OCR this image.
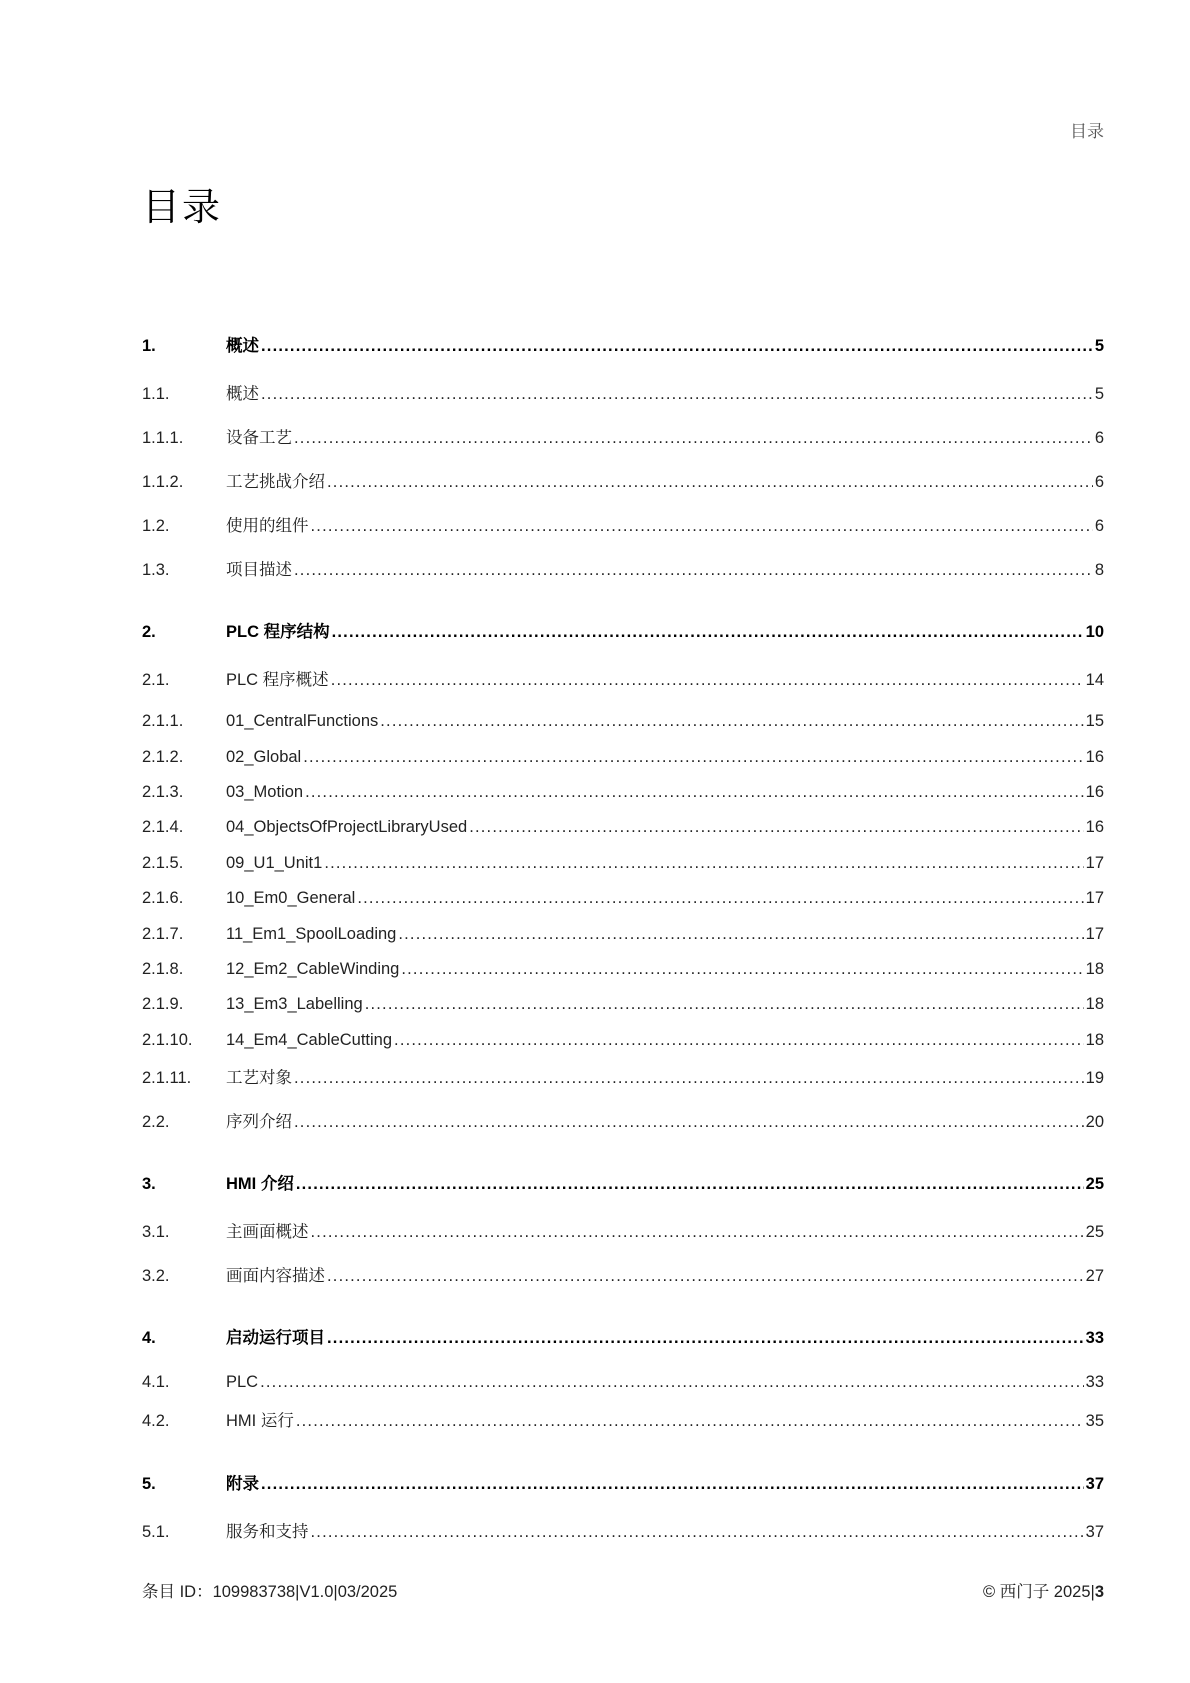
目录
目录
1.	概述 .....	5
1.1.	概述 .....	5
1.1.1.	设备工艺 .....	6
1.1.2.	工艺挑战介绍 .....	6
1.2.	使用的组件 .....	6
1.3.	项目描述 .....	8
2.	PLC 程序结构 .....	10
2.1.	PLC 程序概述 .....	14
2.1.1.	01_CentralFunctions .....	15
2.1.2.	02_Global .....	16
2.1.3.	03_Motion .....	16
2.1.4.	04_ObjectsOfProjectLibraryUsed .....	16
2.1.5.	09_U1_Unit1 .....	17
2.1.6.	10_Em0_General .....	17
2.1.7.	11_Em1_SpoolLoading .....	17
2.1.8.	12_Em2_CableWinding .....	18
2.1.9.	13_Em3_Labelling .....	18
2.1.10.	14_Em4_CableCutting .....	18
2.1.11.	工艺对象 .....	19
2.2.	序列介绍 .....	20
3.	HMI 介绍 .....	25
3.1.	主画面概述 .....	25
3.2.	画面内容描述 .....	27
4.	启动运行项目 .....	33
4.1.	PLC .....	33
4.2.	HMI 运行 .....	35
5.	附录 .....	37
5.1.	服务和支持 .....	37
条目 ID：109983738|V1.0|03/2025	© 西门子 2025|3
